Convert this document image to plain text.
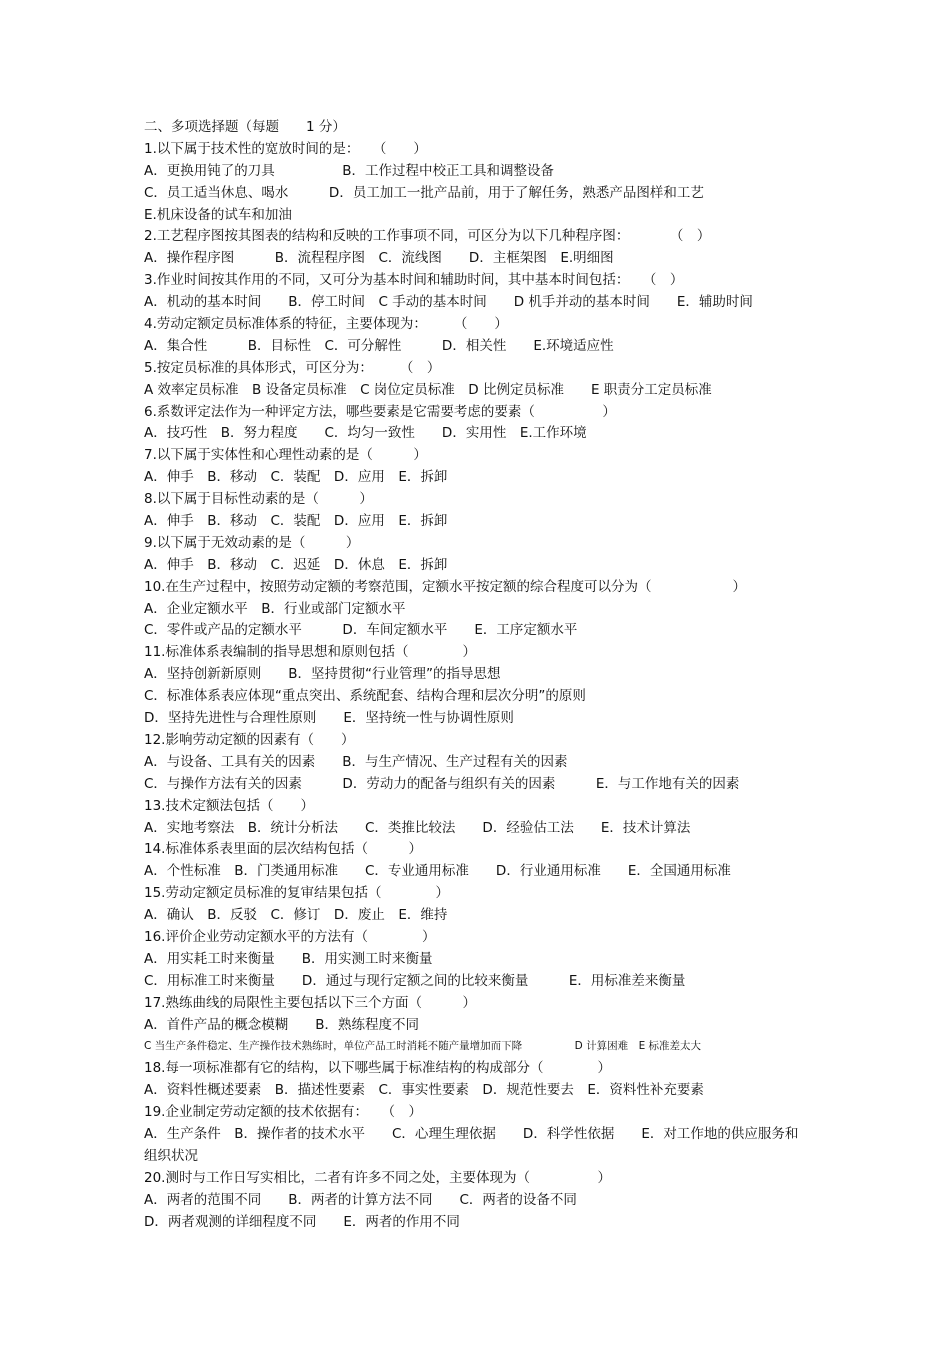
二、多项选择题（每题　　1 分）
1.以下属于技术性的宽放时间的是：　　（　　）
A．更换用钝了的刀具　　　　　B．工作过程中校正工具和调整设备
C．员工适当休息、喝水　　　D．员工加工一批产品前，用于了解任务，熟悉产品图样和工艺
E.机床设备的试车和加油
2.工艺程序图按其图表的结构和反映的工作事项不同，可区分为以下几种程序图：　　　　（　）
A．操作程序图　　　B．流程程序图　C．流线图　　D．主框架图　E.明细图
3.作业时间按其作用的不同，又可分为基本时间和辅助时间，其中基本时间包括：　　（　）
A．机动的基本时间　　B．停工时间　C 手动的基本时间　　D 机手并动的基本时间　　E．辅助时间
4.劳动定额定员标准体系的特征，主要体现为：　　　（　　）
A．集合性　　　B．目标性　C．可分解性　　　D．相关性　　E.环境适应性
5.按定员标准的具体形式，可区分为：　　　（　）
A 效率定员标准　B 设备定员标准　C 岗位定员标准　D 比例定员标准　　E 职责分工定员标准
6.系数评定法作为一种评定方法，哪些要素是它需要考虑的要素（　　　　　）
A．技巧性　B．努力程度　　C．均匀一致性　　D．实用性　E.工作环境
7.以下属于实体性和心理性动素的是（　　　）
A．伸手　B．移动　C．装配　D．应用　E．拆卸
8.以下属于目标性动素的是（　　　）
A．伸手　B．移动　C．装配　D．应用　E．拆卸
9.以下属于无效动素的是（　　　）
A．伸手　B．移动　C．迟延　D．休息　E．拆卸
10.在生产过程中，按照劳动定额的考察范围，定额水平按定额的综合程度可以分为（　　　　　　）
A．企业定额水平　B．行业或部门定额水平
C．零件或产品的定额水平　　　D．车间定额水平　　E．工序定额水平
11.标准体系表编制的指导思想和原则包括（　　　　）
A．坚持创新新原则　　B．坚持贯彻“行业管理”的指导思想
C．标准体系表应体现“重点突出、系统配套、结构合理和层次分明”的原则
D．坚持先进性与合理性原则　　E．坚持统一性与协调性原则
12.影响劳动定额的因素有（　　）
A．与设备、工具有关的因素　　B．与生产情况、生产过程有关的因素
C．与操作方法有关的因素　　　D．劳动力的配备与组织有关的因素　　　E．与工作地有关的因素
13.技术定额法包括（　　）
A．实地考察法　B．统计分析法　　C．类推比较法　　D．经验估工法　　E．技术计算法
14.标准体系表里面的层次结构包括（　　　）
A．个性标准　B．门类通用标准　　C．专业通用标准　　D．行业通用标准　　E．全国通用标准
15.劳动定额定员标准的复审结果包括（　　　　）
A．确认　B．反驳　C．修订　D．废止　E．维持
16.评价企业劳动定额水平的方法有（　　　　）
A．用实耗工时来衡量　　B．用实测工时来衡量
C．用标准工时来衡量　　D．通过与现行定额之间的比较来衡量　　　E．用标准差来衡量
17.熟练曲线的局限性主要包括以下三个方面（　　　）
A．首件产品的概念模糊　　B．熟练程度不同
C 当生产条件稳定、生产操作技术熟练时，单位产品工时消耗不随产量增加而下降　　　　　D 计算困难　E 标准差太大
18.每一项标准都有它的结构，以下哪些属于标准结构的构成部分（　　　　）
A．资料性概述要素　B．描述性要素　C．事实性要素　D．规范性要去　E．资料性补充要素
19.企业制定劳动定额的技术依据有：　　（　）
A．生产条件　B．操作者的技术水平　　C．心理生理依据　　D．科学性依据　　E．对工作地的供应服务和组织状况
20.测时与工作日写实相比，二者有许多不同之处，主要体现为（　　　　　）
A．两者的范围不同　　B．两者的计算方法不同　　C．两者的设备不同
D．两者观测的详细程度不同　　E．两者的作用不同
